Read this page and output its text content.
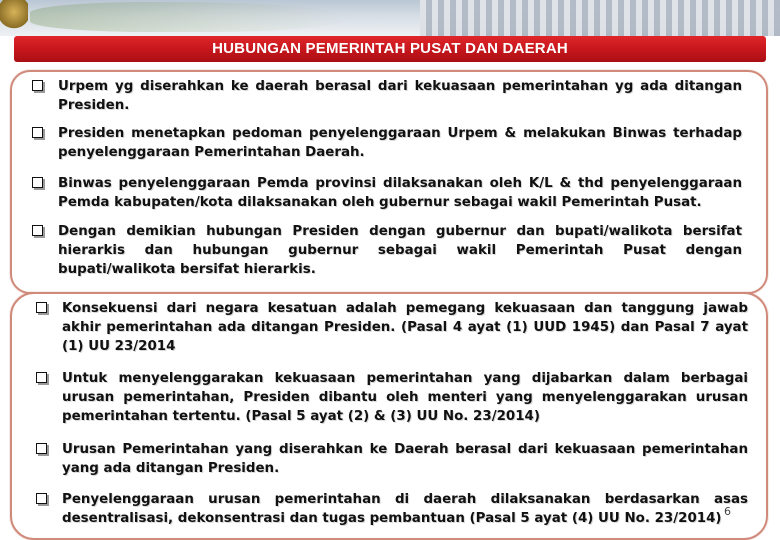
HUBUNGAN PEMERINTAH PUSAT DAN DAERAH
Urpem yg diserahkan ke daerah berasal dari kekuasaan pemerintahan yg ada ditangan Presiden.
Presiden menetapkan pedoman penyelenggaraan Urpem & melakukan Binwas terhadap penyelenggaraan Pemerintahan Daerah.
Binwas penyelenggaraan Pemda provinsi dilaksanakan oleh K/L & thd penyelenggaraan Pemda kabupaten/kota dilaksanakan oleh gubernur sebagai wakil Pemerintah Pusat.
Dengan demikian hubungan Presiden dengan gubernur dan bupati/walikota bersifat hierarkis dan hubungan gubernur sebagai wakil Pemerintah Pusat dengan bupati/walikota bersifat hierarkis.
Konsekuensi dari negara kesatuan adalah pemegang kekuasaan dan tanggung jawab akhir pemerintahan ada ditangan Presiden. (Pasal 4 ayat (1) UUD 1945) dan Pasal 7 ayat (1) UU 23/2014
Untuk menyelenggarakan kekuasaan pemerintahan yang dijabarkan dalam berbagai urusan pemerintahan, Presiden dibantu oleh menteri yang menyelenggarakan urusan pemerintahan tertentu. (Pasal 5 ayat (2) & (3) UU No. 23/2014)
Urusan Pemerintahan yang diserahkan ke Daerah berasal dari kekuasaan pemerintahan yang ada ditangan Presiden.
Penyelenggaraan urusan pemerintahan di daerah dilaksanakan berdasarkan asas desentralisasi, dekonsentrasi dan tugas pembantuan (Pasal 5 ayat (4) UU No. 23/2014) 6
